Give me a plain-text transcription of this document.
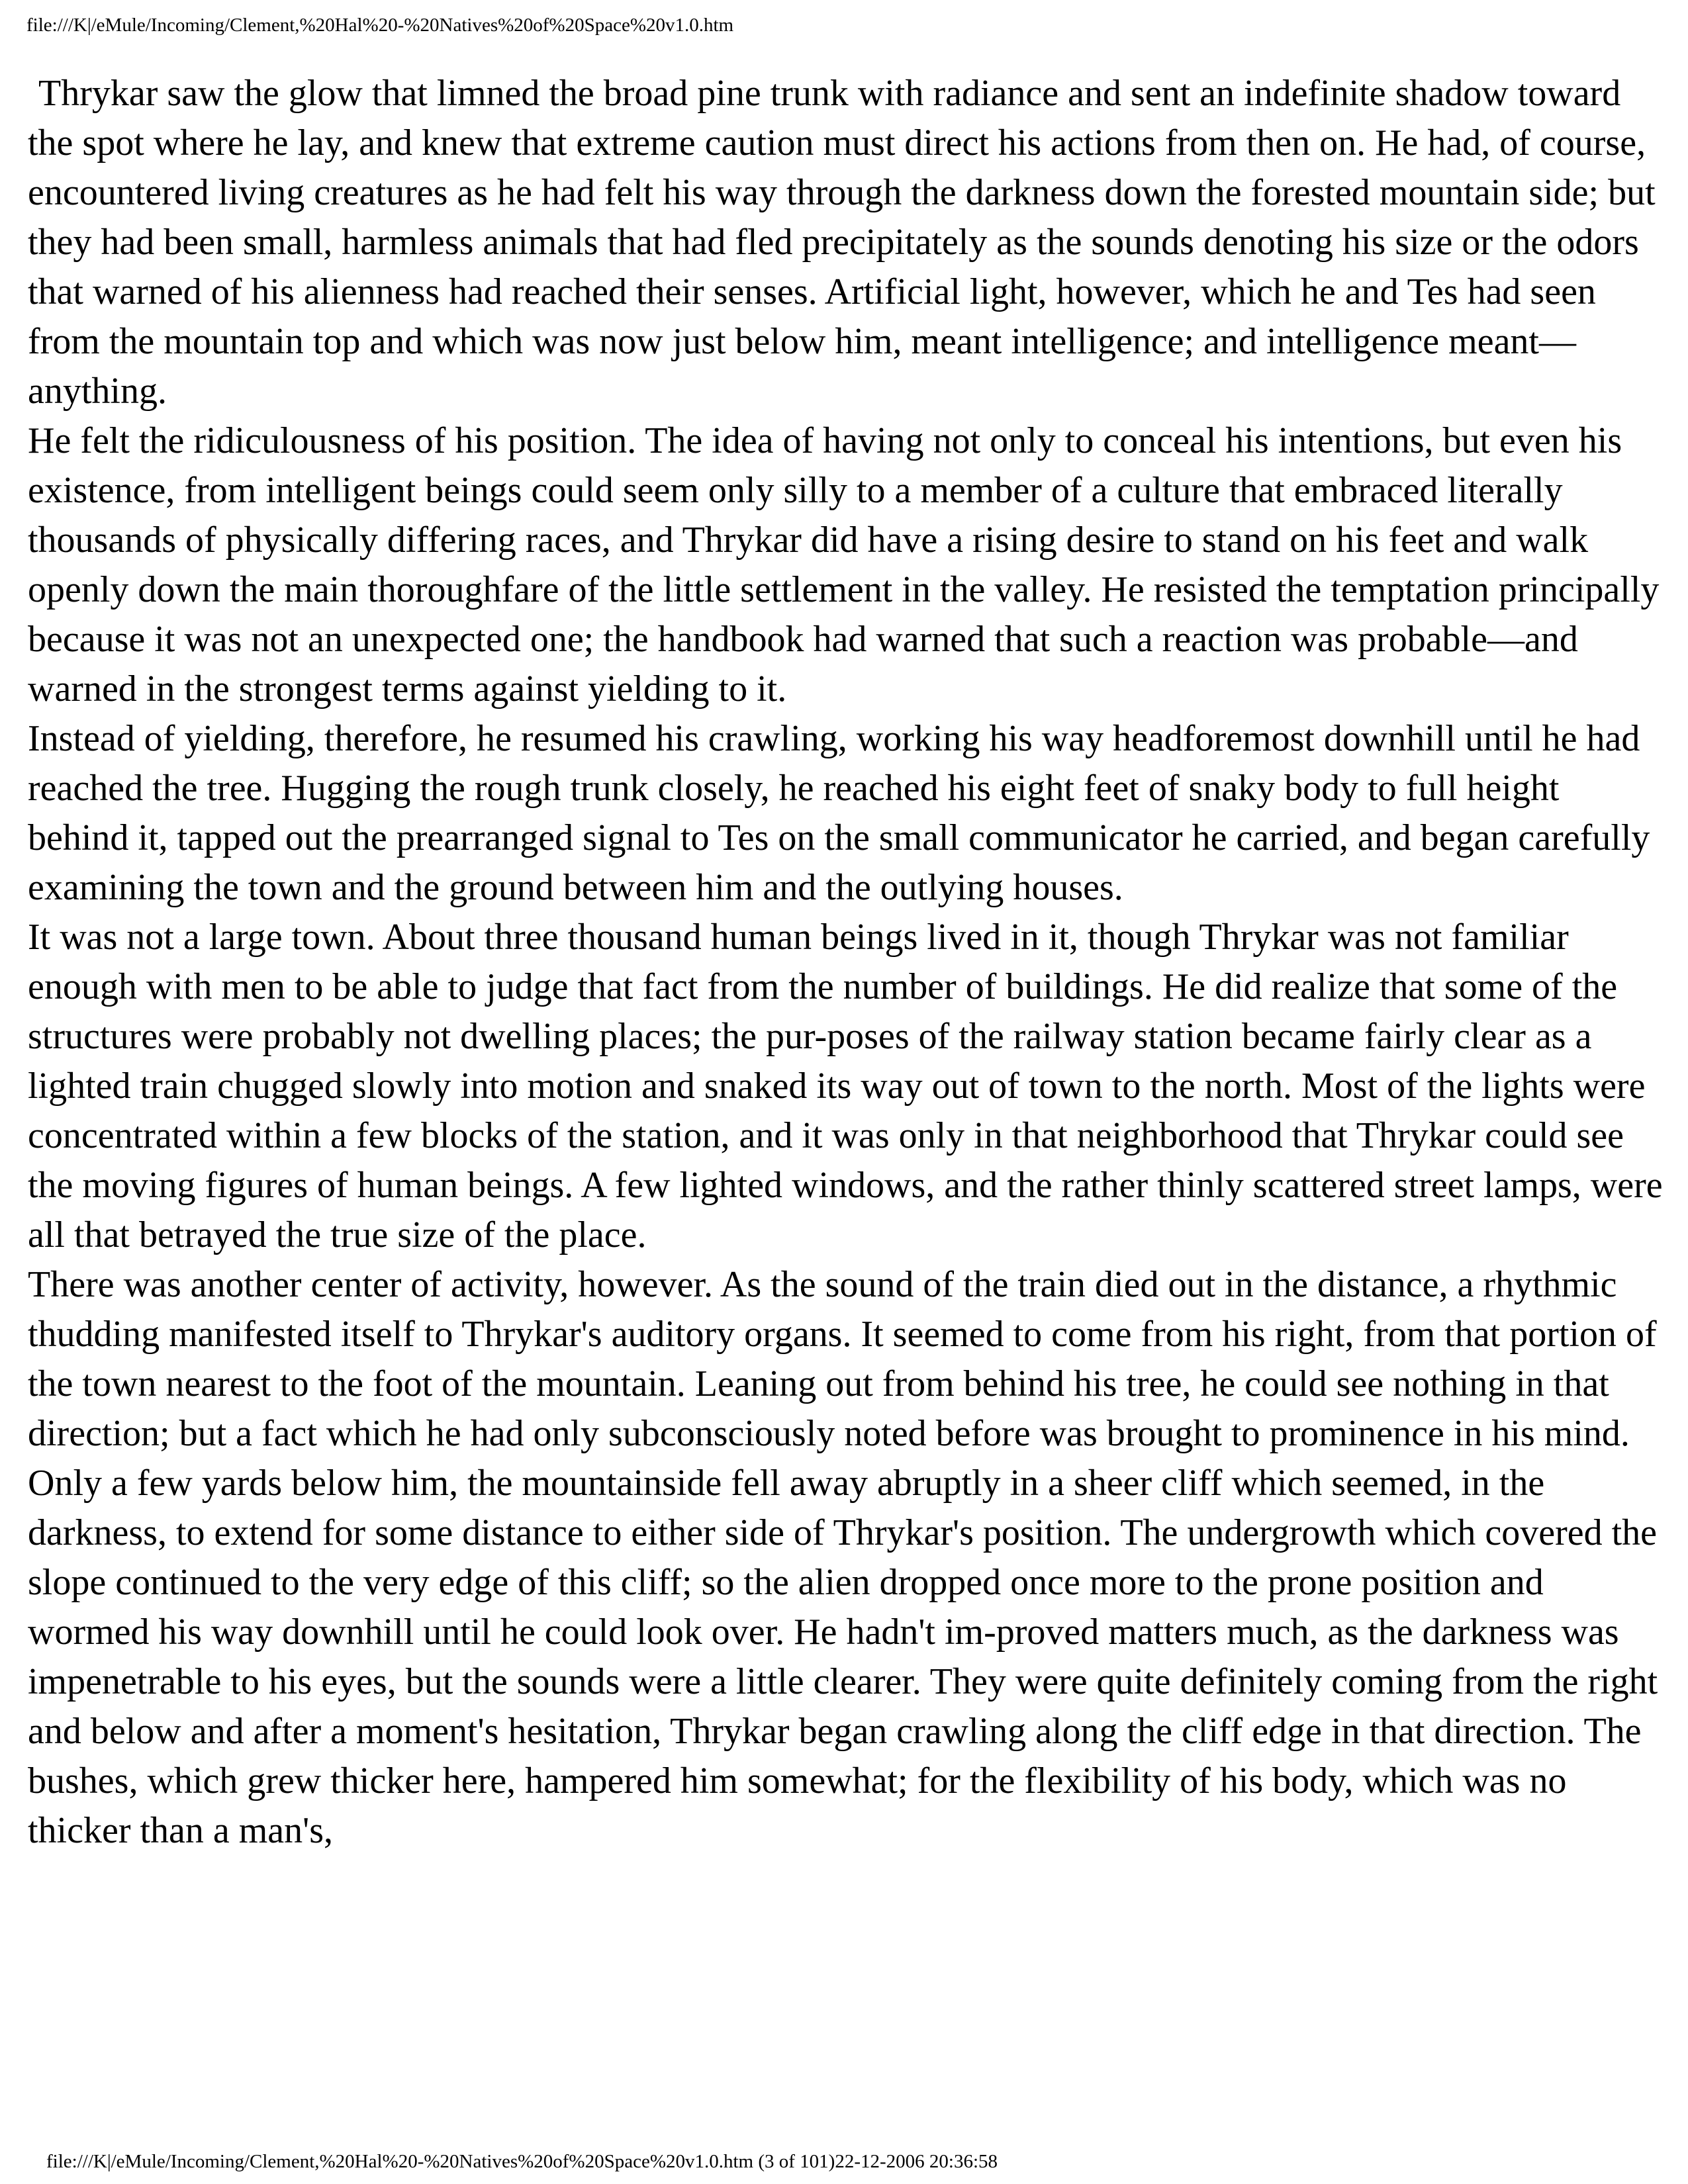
file:///K|/eMule/Incoming/Clement,%20Hal%20-%20Natives%20of%20Space%20v1.0.htm

Thrykar saw the glow that limned the broad pine trunk with radiance and sent an indefinite shadow toward the spot where he lay, and knew that extreme caution must direct his actions from then on. He had, of course, encountered living creatures as he had felt his way through the darkness down the forested mountain side; but they had been small, harmless animals that had fled precipitately as the sounds denoting his size or the odors that warned of his alienness had reached their senses. Artificial light, however, which he and Tes had seen from the mountain top and which was now just below him, meant intelligence; and intelligence meant—anything.

He felt the ridiculousness of his position. The idea of having not only to conceal his intentions, but even his existence, from intelligent beings could seem only silly to a member of a culture that embraced literally thousands of physically differing races, and Thrykar did have a rising desire to stand on his feet and walk openly down the main thoroughfare of the little settlement in the valley. He resisted the temptation principally because it was not an unexpected one; the handbook had warned that such a reaction was probable—and warned in the strongest terms against yielding to it.

Instead of yielding, therefore, he resumed his crawling, working his way headforemost downhill until he had reached the tree. Hugging the rough trunk closely, he reached his eight feet of snaky body to full height behind it, tapped out the prearranged signal to Tes on the small communicator he carried, and began carefully examining the town and the ground between him and the outlying houses.

It was not a large town. About three thousand human beings lived in it, though Thrykar was not familiar enough with men to be able to judge that fact from the number of buildings. He did realize that some of the structures were probably not dwelling places; the pur-poses of the railway station became fairly clear as a lighted train chugged slowly into motion and snaked its way out of town to the north. Most of the lights were concentrated within a few blocks of the station, and it was only in that neighborhood that Thrykar could see the moving figures of human beings. A few lighted windows, and the rather thinly scattered street lamps, were all that betrayed the true size of the place.

There was another center of activity, however. As the sound of the train died out in the distance, a rhythmic thudding manifested itself to Thrykar's auditory organs. It seemed to come from his right, from that portion of the town nearest to the foot of the mountain. Leaning out from behind his tree, he could see nothing in that direction; but a fact which he had only subconsciously noted before was brought to prominence in his mind.

Only a few yards below him, the mountainside fell away abruptly in a sheer cliff which seemed, in the darkness, to extend for some distance to either side of Thrykar's position. The undergrowth which covered the slope continued to the very edge of this cliff; so the alien dropped once more to the prone position and wormed his way downhill until he could look over. He hadn't im-proved matters much, as the darkness was impenetrable to his eyes, but the sounds were a little clearer. They were quite definitely coming from the right and below and after a moment's hesitation, Thrykar began crawling along the cliff edge in that direction. The bushes, which grew thicker here, hampered him somewhat; for the flexibility of his body, which was no thicker than a man's,

file:///K|/eMule/Incoming/Clement,%20Hal%20-%20Natives%20of%20Space%20v1.0.htm (3 of 101)22-12-2006 20:36:58
